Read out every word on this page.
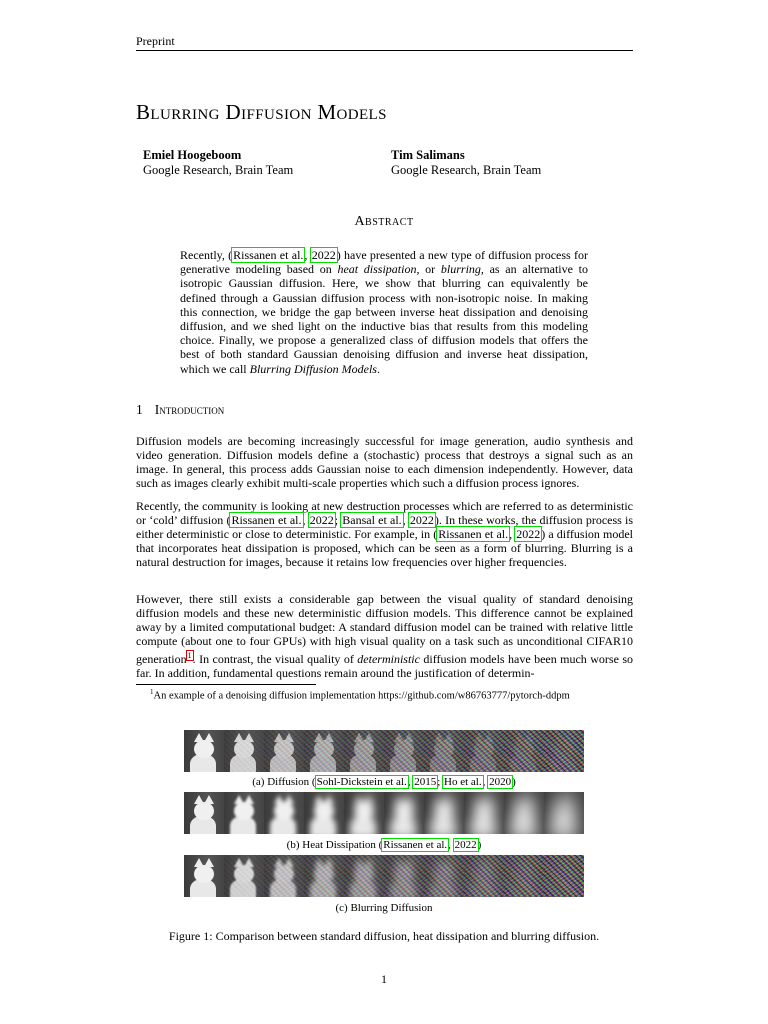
Preprint
Blurring Diffusion Models
Emiel Hoogeboom
Google Research, Brain Team
Tim Salimans
Google Research, Brain Team
Abstract
Recently, (Rissanen et al., 2022) have presented a new type of diffusion process for generative modeling based on heat dissipation, or blurring, as an alternative to isotropic Gaussian diffusion. Here, we show that blurring can equivalently be defined through a Gaussian diffusion process with non-isotropic noise. In making this connection, we bridge the gap between inverse heat dissipation and denoising diffusion, and we shed light on the inductive bias that results from this modeling choice. Finally, we propose a generalized class of diffusion models that offers the best of both standard Gaussian denoising diffusion and inverse heat dissipation, which we call Blurring Diffusion Models.
1 Introduction
Diffusion models are becoming increasingly successful for image generation, audio synthesis and video generation. Diffusion models define a (stochastic) process that destroys a signal such as an image. In general, this process adds Gaussian noise to each dimension independently. However, data such as images clearly exhibit multi-scale properties which such a diffusion process ignores.
Recently, the community is looking at new destruction processes which are referred to as deterministic or ‘cold’ diffusion (Rissanen et al., 2022; Bansal et al., 2022). In these works, the diffusion process is either deterministic or close to deterministic. For example, in (Rissanen et al., 2022) a diffusion model that incorporates heat dissipation is proposed, which can be seen as a form of blurring. Blurring is a natural destruction for images, because it retains low frequencies over higher frequencies.
However, there still exists a considerable gap between the visual quality of standard denoising diffusion models and these new deterministic diffusion models. This difference cannot be explained away by a limited computational budget: A standard diffusion model can be trained with relative little compute (about one to four GPUs) with high visual quality on a task such as unconditional CIFAR10 generation$^1$. In contrast, the visual quality of deterministic diffusion models have been much worse so far. In addition, fundamental questions remain around the justification of determin-
$^1$An example of a denoising diffusion implementation https://github.com/w86763777/pytorch-ddpm
(a) Diffusion (Sohl-Dickstein et al., 2015; Ho et al., 2020)
(b) Heat Dissipation (Rissanen et al., 2022)
(c) Blurring Diffusion
Figure 1: Comparison between standard diffusion, heat dissipation and blurring diffusion.
1
